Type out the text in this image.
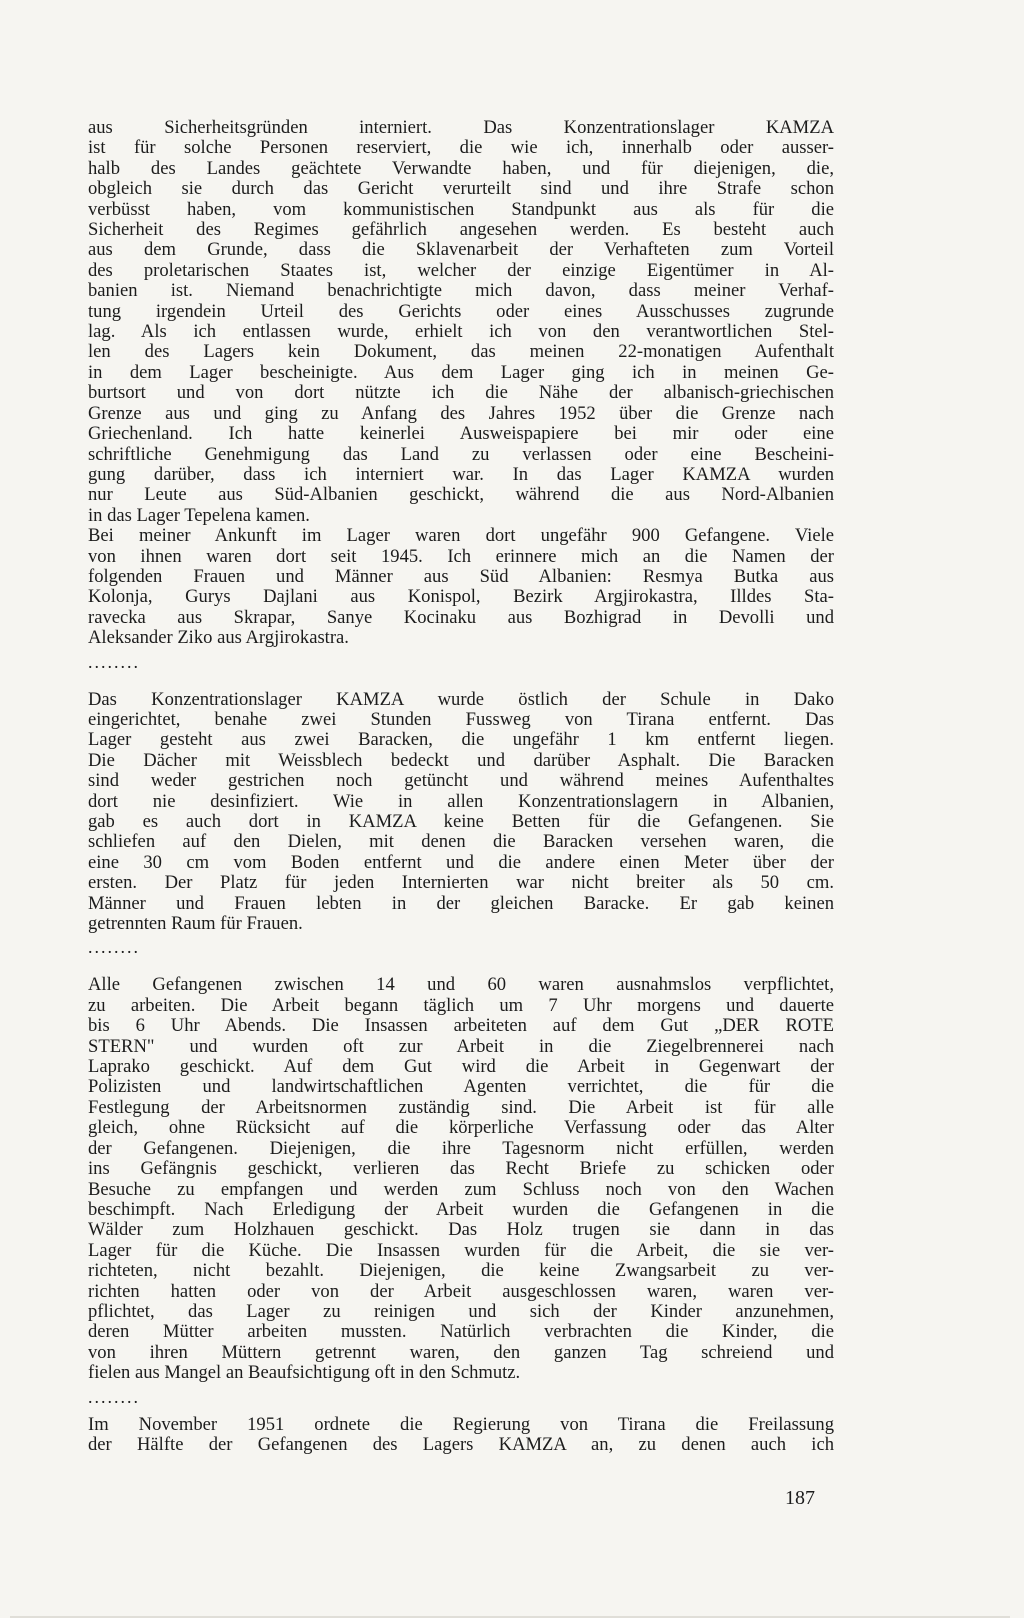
aus Sicherheitsgründen interniert. Das Konzentrationslager KAMZA

ist für solche Personen reserviert, die wie ich, innerhalb oder ausser-

halb des Landes geächtete Verwandte haben, und für diejenigen, die,

obgleich sie durch das Gericht verurteilt sind und ihre Strafe schon

verbüsst haben, vom kommunistischen Standpunkt aus als für die

Sicherheit des Regimes gefährlich angesehen werden. Es besteht auch

aus dem Grunde, dass die Sklavenarbeit der Verhafteten zum Vorteil

des proletarischen Staates ist, welcher der einzige Eigentümer in Al-

banien ist. Niemand benachrichtigte mich davon, dass meiner Verhaf-

tung irgendein Urteil des Gerichts oder eines Ausschusses zugrunde

lag. Als ich entlassen wurde, erhielt ich von den verantwortlichen Stel-

len des Lagers kein Dokument, das meinen 22-monatigen Aufenthalt

in dem Lager bescheinigte. Aus dem Lager ging ich in meinen Ge-

burtsort und von dort nützte ich die Nähe der albanisch-griechischen

Grenze aus und ging zu Anfang des Jahres 1952 über die Grenze nach

Griechenland. Ich hatte keinerlei Ausweispapiere bei mir oder eine

schriftliche Genehmigung das Land zu verlassen oder eine Bescheini-

gung darüber, dass ich interniert war. In das Lager KAMZA wurden

nur Leute aus Süd-Albanien geschickt, während die aus Nord-Albanien

in das Lager Tepelena kamen.

Bei meiner Ankunft im Lager waren dort ungefähr 900 Gefangene. Viele

von ihnen waren dort seit 1945. Ich erinnere mich an die Namen der

folgenden Frauen und Männer aus Süd Albanien: Resmya Butka aus

Kolonja, Gurys Dajlani aus Konispol, Bezirk Argjirokastra, Illdes Sta-

ravecka aus Skrapar, Sanye Kocinaku aus Bozhigrad in Devolli und

Aleksander Ziko aus Argjirokastra.

........

Das Konzentrationslager KAMZA wurde östlich der Schule in Dako

eingerichtet, benahe zwei Stunden Fussweg von Tirana entfernt. Das

Lager gesteht aus zwei Baracken, die ungefähr 1 km entfernt liegen.

Die Dächer mit Weissblech bedeckt und darüber Asphalt. Die Baracken

sind weder gestrichen noch getüncht und während meines Aufenthaltes

dort nie desinfiziert. Wie in allen Konzentrationslagern in Albanien,

gab es auch dort in KAMZA keine Betten für die Gefangenen. Sie

schliefen auf den Dielen, mit denen die Baracken versehen waren, die

eine 30 cm vom Boden entfernt und die andere einen Meter über der

ersten. Der Platz für jeden Internierten war nicht breiter als 50 cm.

Männer und Frauen lebten in der gleichen Baracke. Er gab keinen

getrennten Raum für Frauen.

........

Alle Gefangenen zwischen 14 und 60 waren ausnahmslos verpflichtet,

zu arbeiten. Die Arbeit begann täglich um 7 Uhr morgens und dauerte

bis 6 Uhr Abends. Die Insassen arbeiteten auf dem Gut „DER ROTE

STERN" und wurden oft zur Arbeit in die Ziegelbrennerei nach

Laprako geschickt. Auf dem Gut wird die Arbeit in Gegenwart der

Polizisten und landwirtschaftlichen Agenten verrichtet, die für die

Festlegung der Arbeitsnormen zuständig sind. Die Arbeit ist für alle

gleich, ohne Rücksicht auf die körperliche Verfassung oder das Alter

der Gefangenen. Diejenigen, die ihre Tagesnorm nicht erfüllen, werden

ins Gefängnis geschickt, verlieren das Recht Briefe zu schicken oder

Besuche zu empfangen und werden zum Schluss noch von den Wachen

beschimpft. Nach Erledigung der Arbeit wurden die Gefangenen in die

Wälder zum Holzhauen geschickt. Das Holz trugen sie dann in das

Lager für die Küche. Die Insassen wurden für die Arbeit, die sie ver-

richteten, nicht bezahlt. Diejenigen, die keine Zwangsarbeit zu ver-

richten hatten oder von der Arbeit ausgeschlossen waren, waren ver-

pflichtet, das Lager zu reinigen und sich der Kinder anzunehmen,

deren Mütter arbeiten mussten. Natürlich verbrachten die Kinder, die

von ihren Müttern getrennt waren, den ganzen Tag schreiend und

fielen aus Mangel an Beaufsichtigung oft in den Schmutz.

........

Im November 1951 ordnete die Regierung von Tirana die Freilassung

der Hälfte der Gefangenen des Lagers KAMZA an, zu denen auch ich

187
